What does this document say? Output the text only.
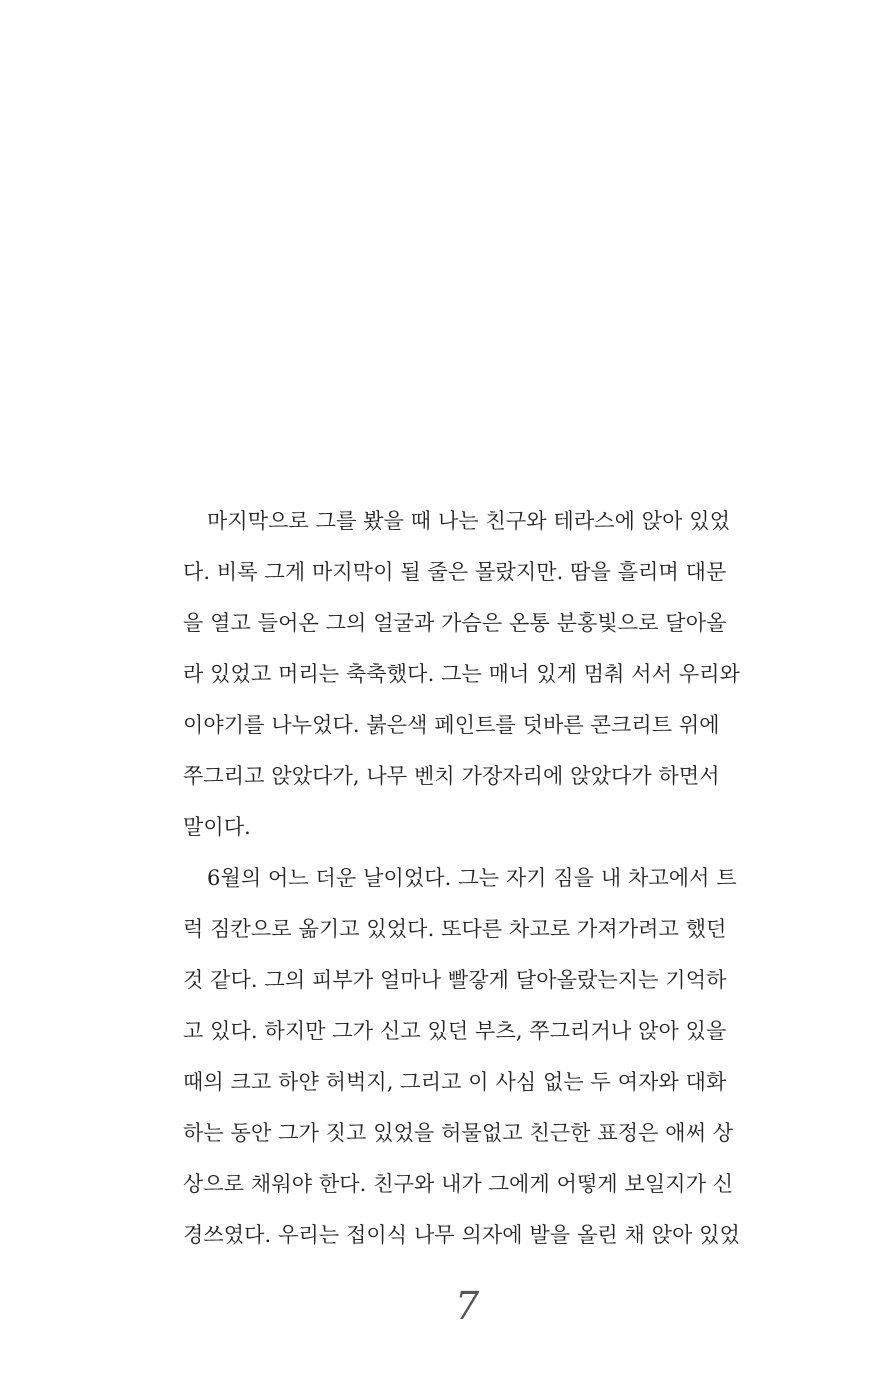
마지막으로 그를 봤을 때 나는 친구와 테라스에 앉아 있었
다. 비록 그게 마지막이 될 줄은 몰랐지만. 땀을 흘리며 대문
을 열고 들어온 그의 얼굴과 가슴은 온통 분홍빛으로 달아올
라 있었고 머리는 축축했다. 그는 매너 있게 멈춰 서서 우리와
이야기를 나누었다. 붉은색 페인트를 덧바른 콘크리트 위에
쭈그리고 앉았다가, 나무 벤치 가장자리에 앉았다가 하면서
말이다.
6월의 어느 더운 날이었다. 그는 자기 짐을 내 차고에서 트
럭 짐칸으로 옮기고 있었다. 또다른 차고로 가져가려고 했던
것 같다. 그의 피부가 얼마나 빨갛게 달아올랐는지는 기억하
고 있다. 하지만 그가 신고 있던 부츠, 쭈그리거나 앉아 있을
때의 크고 하얀 허벅지, 그리고 이 사심 없는 두 여자와 대화
하는 동안 그가 짓고 있었을 허물없고 친근한 표정은 애써 상
상으로 채워야 한다. 친구와 내가 그에게 어떻게 보일지가 신
경쓰였다. 우리는 접이식 나무 의자에 발을 올린 채 앉아 있었
7
